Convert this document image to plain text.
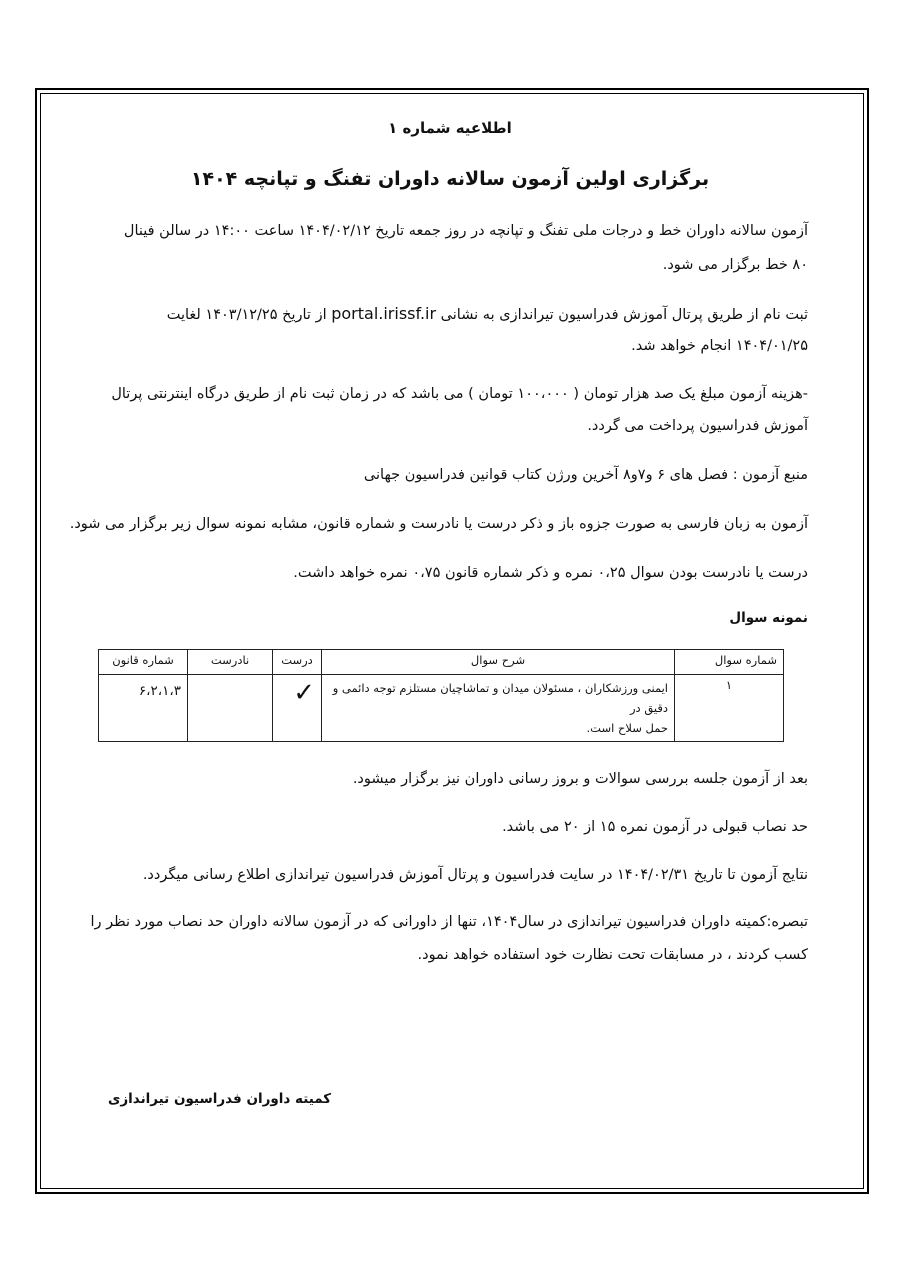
اطلاعیه شماره ۱
برگزاری اولین آزمون سالانه داوران تفنگ و تپانچه ۱۴۰۴
آزمون سالانه داوران خط و درجات ملی تفنگ و تپانچه در روز جمعه تاریخ ۱۴۰۴/۰۲/۱۲ ساعت ۱۴:۰۰ در سالن فینال
۸۰ خط برگزار می شود.
ثبت نام از طریق پرتال آموزش فدراسیون تیراندازی به نشانی portal.irissf.ir از تاریخ ۱۴۰۳/۱۲/۲۵ لغایت
۱۴۰۴/۰۱/۲۵ انجام خواهد شد.
-هزینه آزمون مبلغ یک صد هزار تومان ( ۱۰۰،۰۰۰ تومان ) می باشد که در زمان ثبت نام از طریق درگاه اینترنتی پرتال
آموزش فدراسیون پرداخت می گردد.
منبع آزمون : فصل های ۶ و۷و۸ آخرین ورژن کتاب قوانین فدراسیون جهانی
آزمون به زبان فارسی به صورت جزوه باز و ذکر درست یا نادرست و شماره قانون، مشابه نمونه سوال زیر برگزار می شود.
درست یا نادرست بودن سوال ۰،۲۵ نمره و ذکر شماره قانون ۰،۷۵ نمره خواهد داشت.
نمونه سوال
شماره سوال	شرح سوال	درست	نادرست	شماره قانون
۱	ایمنی ورزشکاران ، مسئولان میدان و تماشاچیان مستلزم توجه دائمی و دقیق در
حمل سلاح است.	✓		۶،۲،۱،۳
بعد از آزمون جلسه بررسی سوالات و بروز رسانی داوران نیز برگزار میشود.
حد نصاب قبولی در آزمون نمره ۱۵ از ۲۰ می باشد.
نتایج آزمون تا تاریخ ۱۴۰۴/۰۲/۳۱ در سایت فدراسیون و پرتال آموزش فدراسیون تیراندازی اطلاع رسانی میگردد.
تبصره:کمیته داوران فدراسیون تیراندازی در سال۱۴۰۴، تنها از داورانی که در آزمون سالانه داوران حد نصاب مورد نظر را
کسب کردند ، در مسابقات تحت نظارت خود استفاده خواهد نمود.
کمیته داوران فدراسیون تیراندازی
